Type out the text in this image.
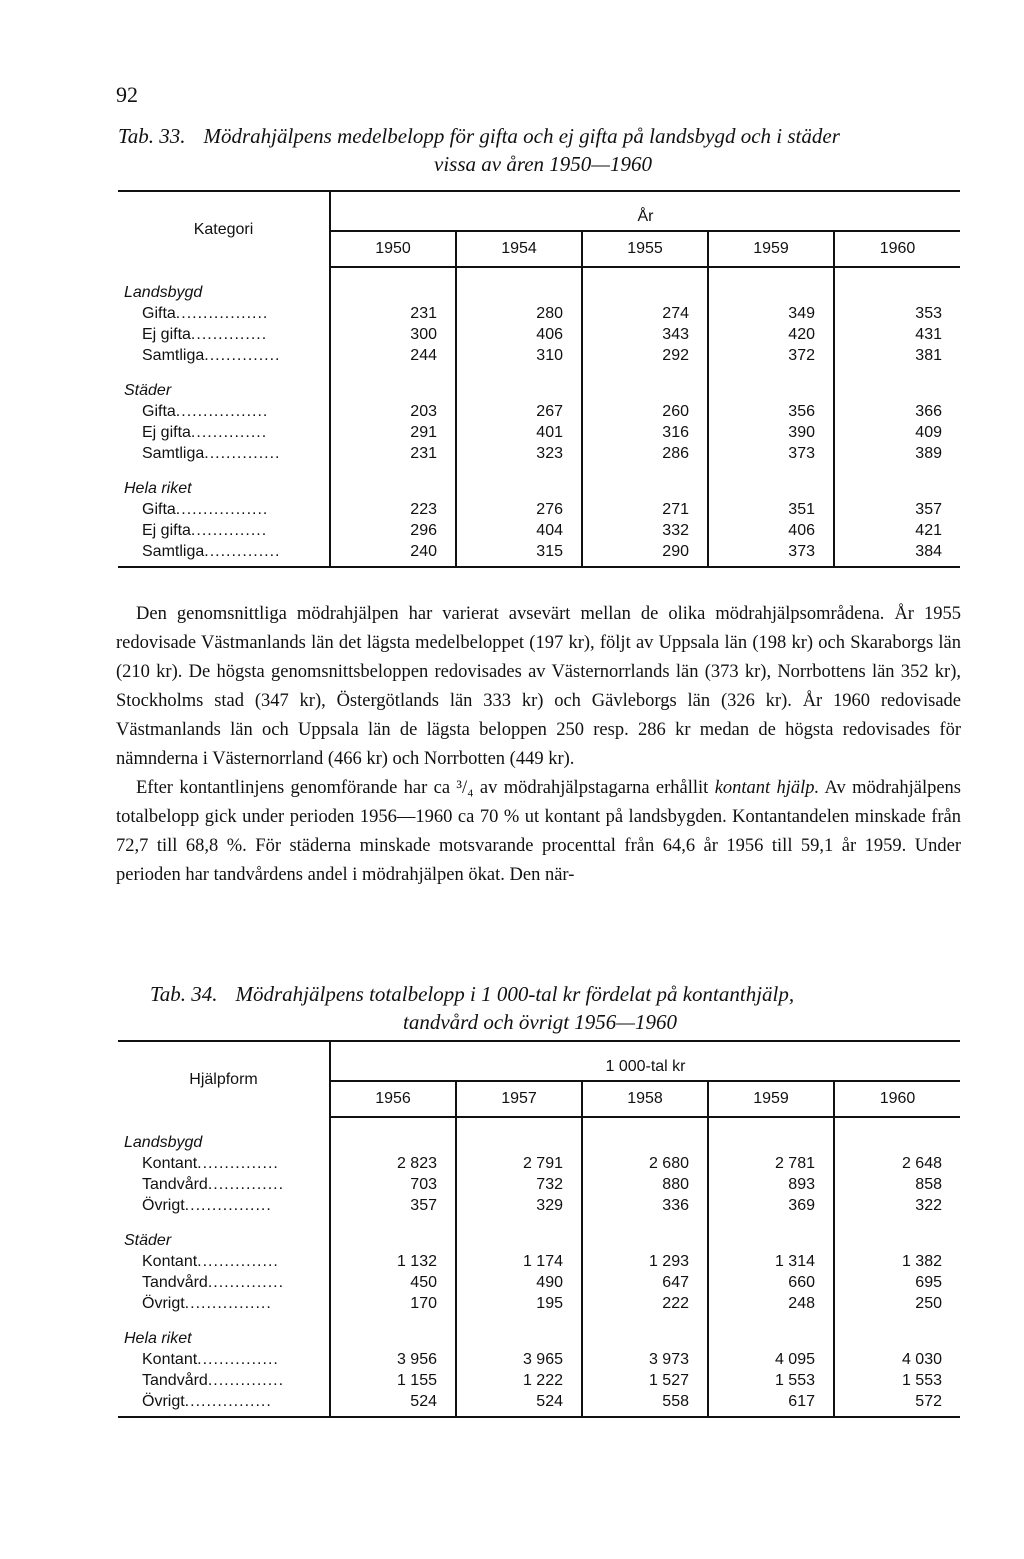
92
Tab. 33. Mödrahjälpens medelbelopp för gifta och ej gifta på landsbygd och i städer
vissa av åren 1950—1960
Kategori	År				
	1950	1954	1955	1959	1960
Landsbygd					
Gifta.................	231	280	274	349	353
Ej gifta..............	300	406	343	420	431
Samtliga..............	244	310	292	372	381
Städer					
Gifta.................	203	267	260	356	366
Ej gifta..............	291	401	316	390	409
Samtliga..............	231	323	286	373	389
Hela riket					
Gifta.................	223	276	271	351	357
Ej gifta..............	296	404	332	406	421
Samtliga..............	240	315	290	373	384

Den genomsnittliga mödrahjälpen har varierat avsevärt mellan de olika mödrahjälpsområdena. År 1955 redovisade Västmanlands län det lägsta medelbeloppet (197 kr), följt av Uppsala län (198 kr) och Skaraborgs län (210 kr). De högsta genomsnittsbeloppen redovisades av Västernorrlands län (373 kr), Norrbottens län 352 kr), Stockholms stad (347 kr), Östergötlands län 333 kr) och Gävleborgs län (326 kr). År 1960 redovisade Västmanlands län och Uppsala län de lägsta beloppen 250 resp. 286 kr medan de högsta redovisades för nämnderna i Västernorrland (466 kr) och Norrbotten (449 kr).

Efter kontantlinjens genomförande har ca ³/₄ av mödrahjälpstagarna erhållit kontant hjälp. Av mödrahjälpens totalbelopp gick under perioden 1956—1960 ca 70 % ut kontant på landsbygden. Kontantandelen minskade från 72,7 till 68,8 %. För städerna minskade motsvarande procenttal från 64,6 år 1956 till 59,1 år 1959. Under perioden har tandvårdens andel i mödrahjälpen ökat. Den när-

Tab. 34. Mödrahjälpens totalbelopp i 1 000-tal kr fördelat på kontanthjälp,
tandvård och övrigt 1956—1960
Hjälpform	1 000-tal kr				
	1956	1957	1958	1959	1960
Landsbygd					
Kontant...............	2 823	2 791	2 680	2 781	2 648
Tandvård..............	703	732	880	893	858
Övrigt................	357	329	336	369	322
Städer					
Kontant...............	1 132	1 174	1 293	1 314	1 382
Tandvård..............	450	490	647	660	695
Övrigt................	170	195	222	248	250
Hela riket					
Kontant...............	3 956	3 965	3 973	4 095	4 030
Tandvård..............	1 155	1 222	1 527	1 553	1 553
Övrigt................	524	524	558	617	572
